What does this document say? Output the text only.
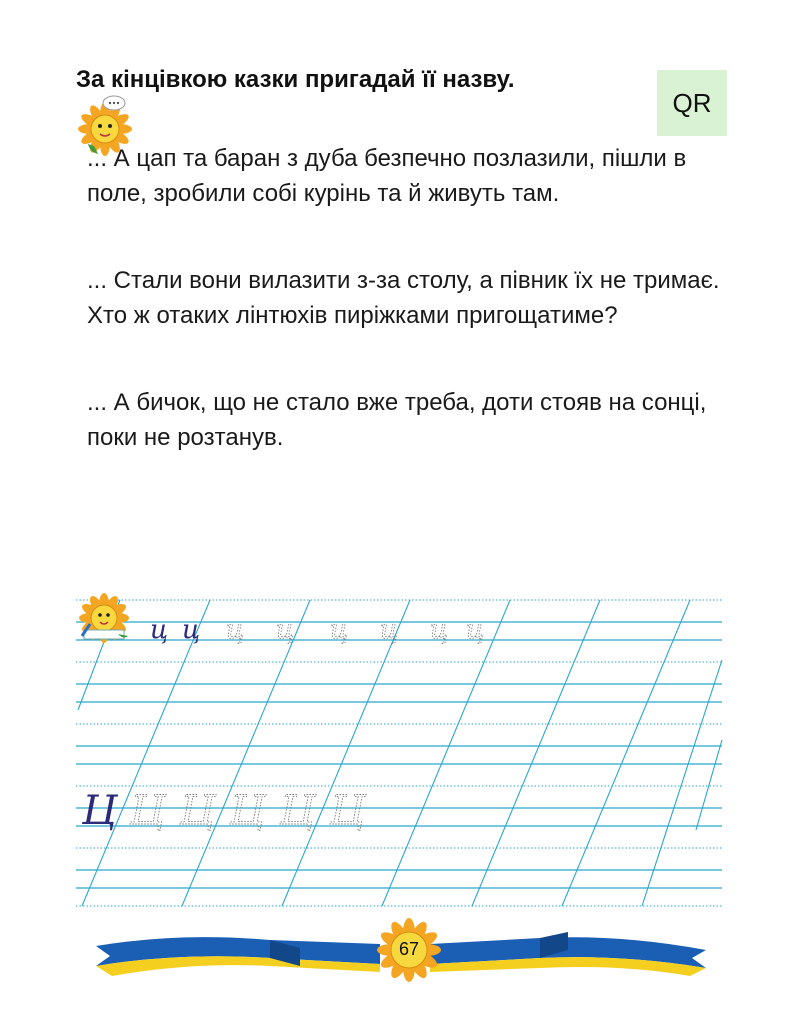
За кінцівкою казки пригадай її назву.
QR

... А цап та баран з дуба безпечно позлазили, пішли в поле, зробили собі курінь та й живуть там.

... Стали вони вилазити з-за столу, а півник їх не тримає. Хто ж отаких лінтюхів пиріжками пригощатиме?

... А бичок, що не стало вже треба, доти стояв на сонці, поки не розтанув.

ц ц ц ц ц ц ц ц
Ц Ц Ц Ц Ц Ц
67
